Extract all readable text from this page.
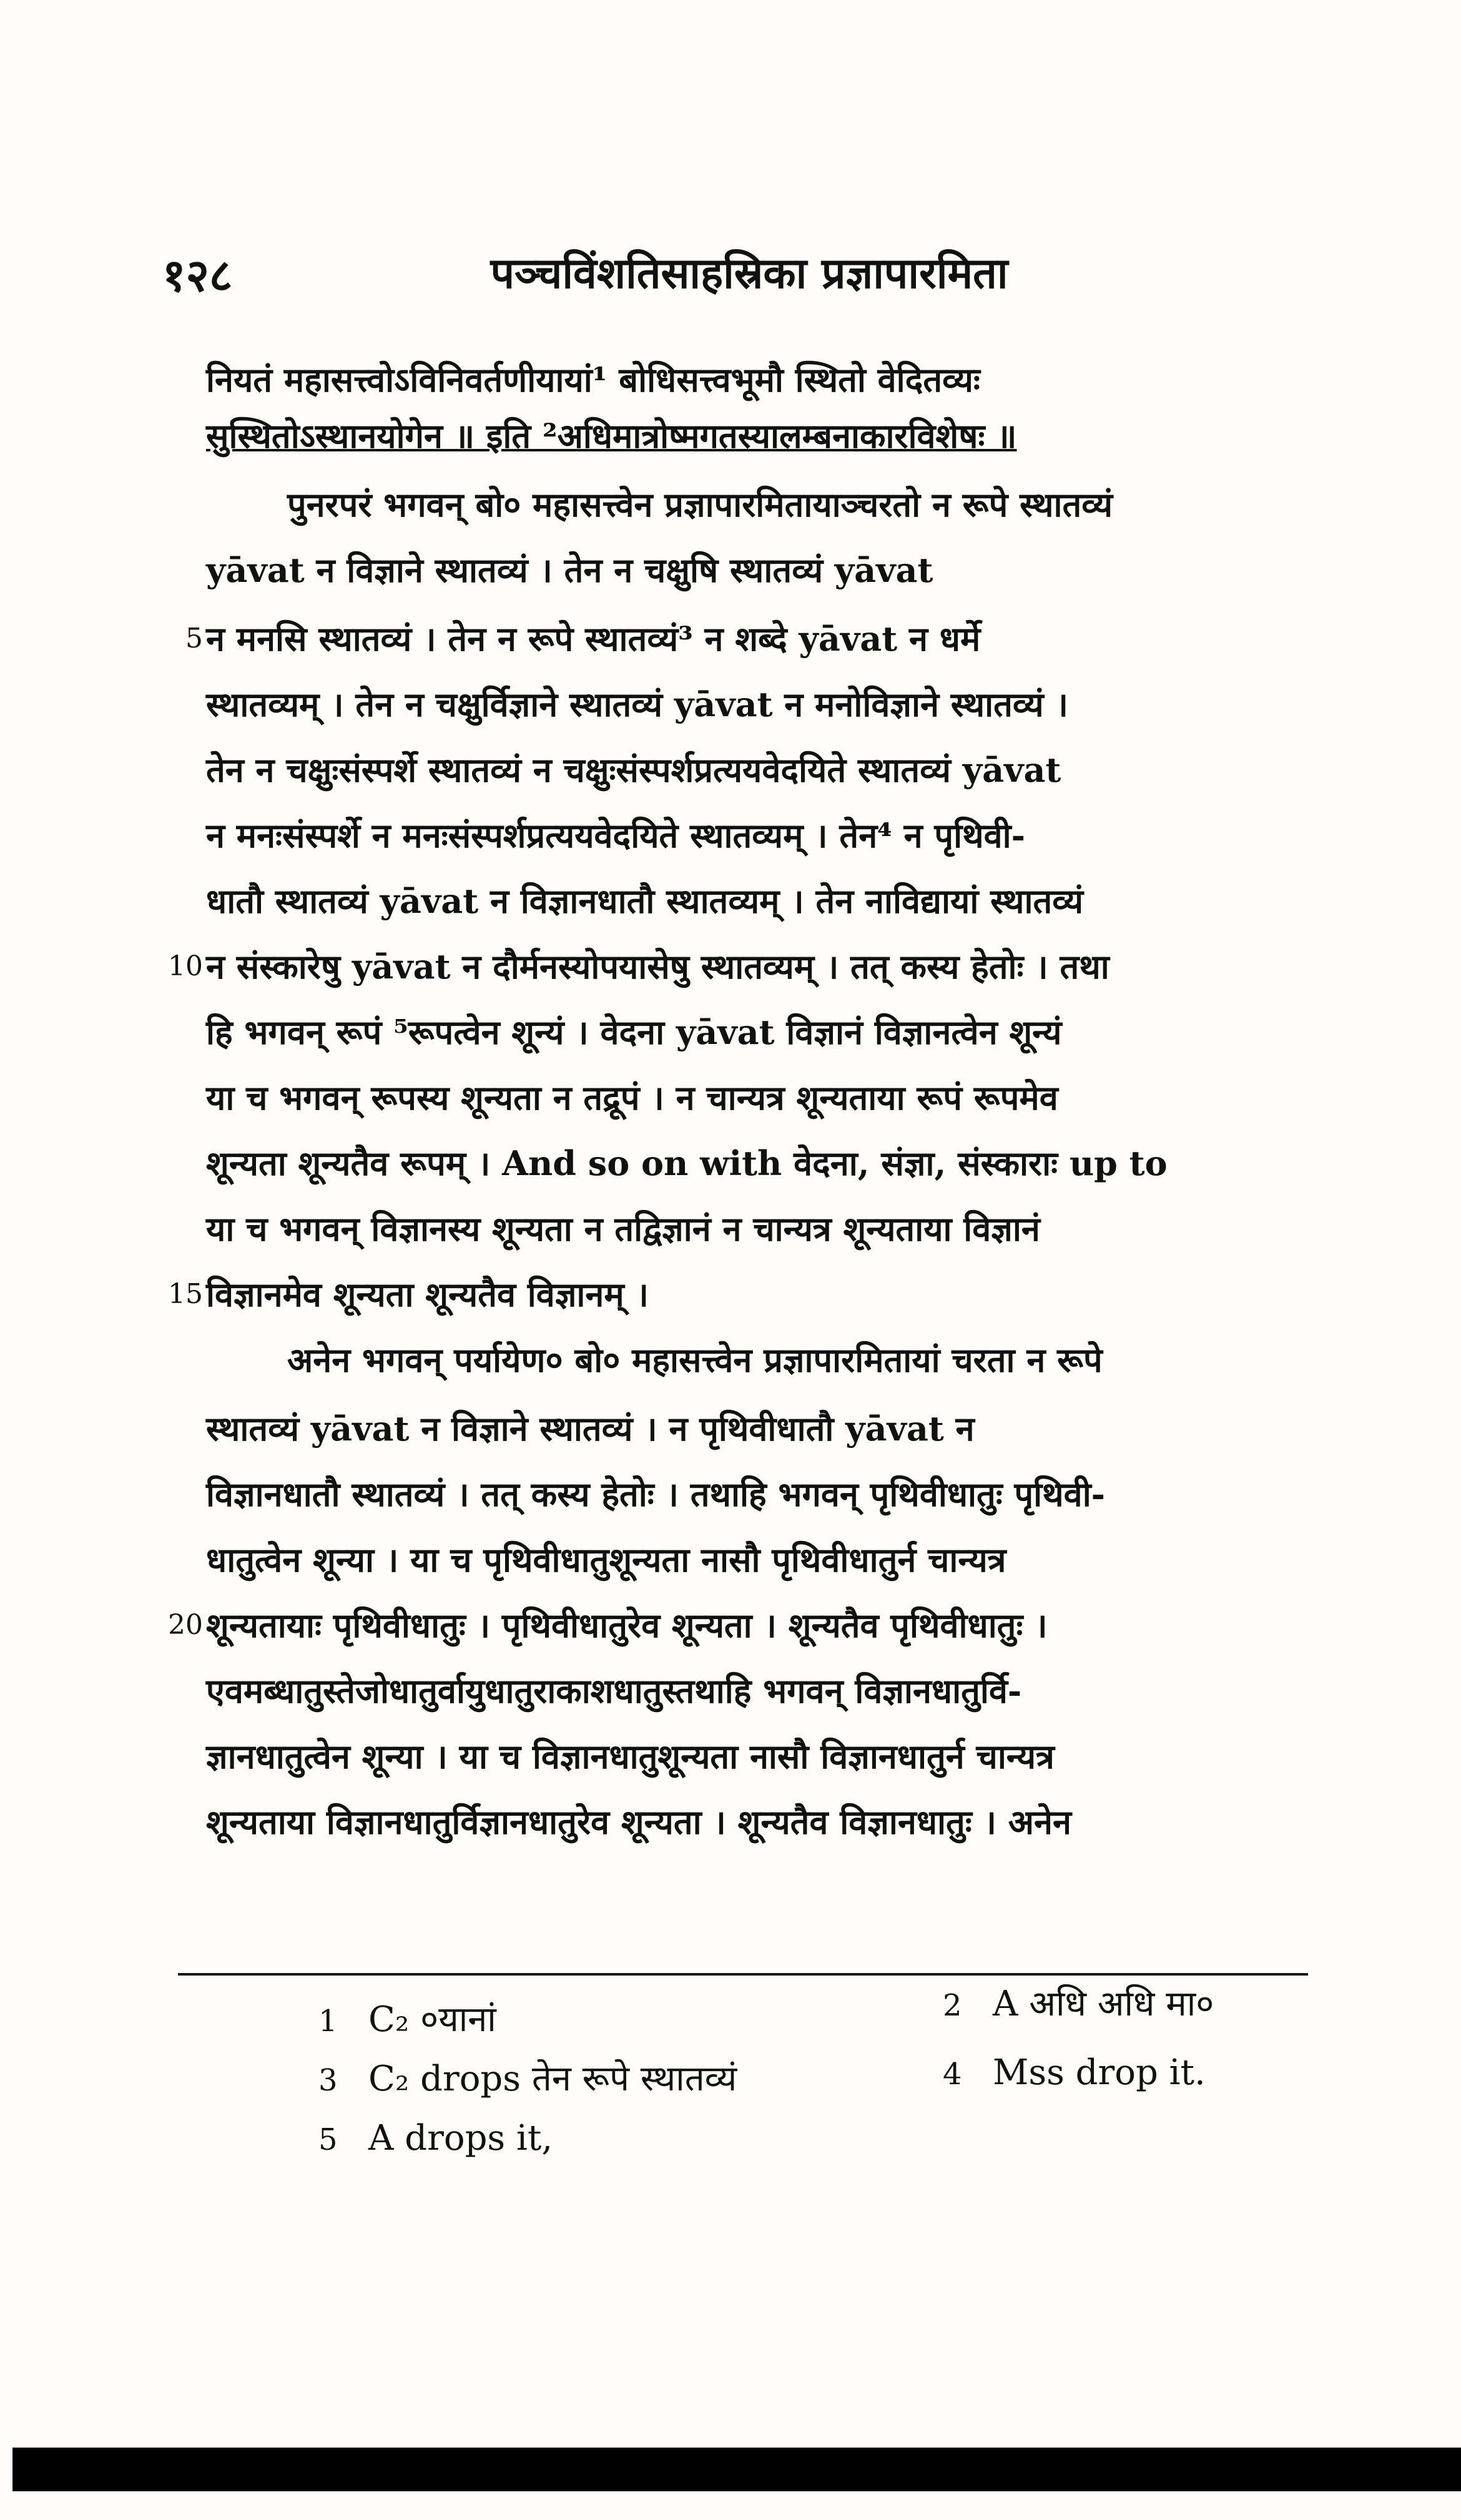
१२८	पञ्चविंशतिसाहस्रिका प्रज्ञापारमिता
नियतं महासत्त्वोऽविनिवर्तणीयायां¹ बोधिसत्त्वभूमौ स्थितो वेदितव्यः
सुस्थितोऽस्थानयोगेन ॥ इति ²अधिमात्रोष्मगतस्यालम्बनाकारविशेषः ॥
पुनरपरं भगवन् बो० महासत्त्वेन प्रज्ञापारमितायाञ्चरतो न रूपे स्थातव्यं
yāvat न विज्ञाने स्थातव्यं । तेन न चक्षुषि स्थातव्यं yāvat
5 न मनसि स्थातव्यं । तेन न रूपे स्थातव्यं³ न शब्दे yāvat न धर्मे
स्थातव्यम् । तेन न चक्षुर्विज्ञाने स्थातव्यं yāvat न मनोविज्ञाने स्थातव्यं ।
तेन न चक्षुःसंस्पर्शे स्थातव्यं न चक्षुःसंस्पर्शप्रत्ययवेदयिते स्थातव्यं yāvat
न मनःसंस्पर्शे न मनःसंस्पर्शप्रत्ययवेदयिते स्थातव्यम् । तेन⁴ न पृथिवी-
धातौ स्थातव्यं yāvat न विज्ञानधातौ स्थातव्यम् । तेन नाविद्यायां स्थातव्यं
10 न संस्कारेषु yāvat न दौर्मनस्योपयासेषु स्थातव्यम् । तत् कस्य हेतोः । तथा
हि भगवन् रूपं ⁵रूपत्वेन शून्यं । वेदना yāvat विज्ञानं विज्ञानत्वेन शून्यं
या च भगवन् रूपस्य शून्यता न तद्रूपं । न चान्यत्र शून्यताया रूपं रूपमेव
शून्यता शून्यतैव रूपम् । And so on with वेदना, संज्ञा, संस्काराः up to
या च भगवन् विज्ञानस्य शून्यता न तद्विज्ञानं न चान्यत्र शून्यताया विज्ञानं
15 विज्ञानमेव शून्यता शून्यतैव विज्ञानम् ।
अनेन भगवन् पर्यायेण० बो० महासत्त्वेन प्रज्ञापारमितायां चरता न रूपे
स्थातव्यं yāvat न विज्ञाने स्थातव्यं । न पृथिवीधातौ yāvat न
विज्ञानधातौ स्थातव्यं । तत् कस्य हेतोः । तथाहि भगवन् पृथिवीधातुः पृथिवी-
धातुत्वेन शून्या । या च पृथिवीधातुशून्यता नासौ पृथिवीधातुर्न चान्यत्र
20 शून्यतायाः पृथिवीधातुः । पृथिवीधातुरेव शून्यता । शून्यतैव पृथिवीधातुः ।
एवमब्धातुस्तेजोधातुर्वायुधातुराकाशधातुस्तथाहि भगवन् विज्ञानधातुर्वि-
ज्ञानधातुत्वेन शून्या । या च विज्ञानधातुशून्यता नासौ विज्ञानधातुर्न चान्यत्र
शून्यताया विज्ञानधातुर्विज्ञानधातुरेव शून्यता । शून्यतैव विज्ञानधातुः । अनेन
1 C₂ ०यानां	2 A अधि अधि मा०
3 C₂ drops तेन रूपे स्थातव्यं	4 Mss drop it.
5 A drops it,
